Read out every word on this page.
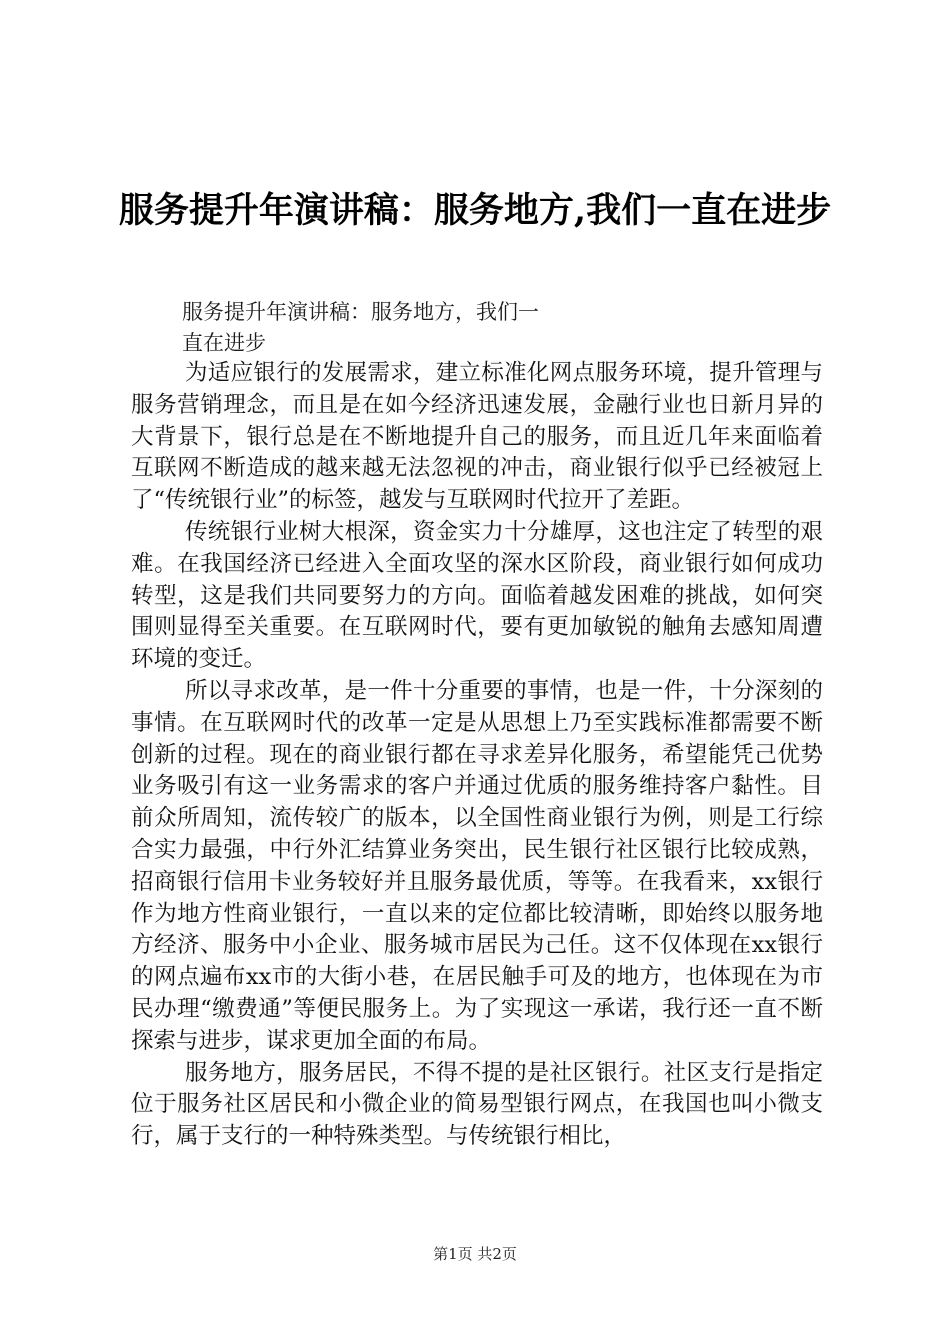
服务提升年演讲稿：服务地方,我们一直在进步
服务提升年演讲稿：服务地方，我们一
直在进步

为适应银行的发展需求，建立标准化网点服务环境，提升管理与服务营销理念，而且是在如今经济迅速发展，金融行业也日新月异的大背景下，银行总是在不断地提升自己的服务，而且近几年来面临着互联网不断造成的越来越无法忽视的冲击，商业银行似乎已经被冠上了“传统银行业”的标签，越发与互联网时代拉开了差距。

传统银行业树大根深，资金实力十分雄厚，这也注定了转型的艰难。在我国经济已经进入全面攻坚的深水区阶段，商业银行如何成功转型，这是我们共同要努力的方向。面临着越发困难的挑战，如何突围则显得至关重要。在互联网时代，要有更加敏锐的触角去感知周遭环境的变迁。

所以寻求改革，是一件十分重要的事情，也是一件，十分深刻的事情。在互联网时代的改革一定是从思想上乃至实践标准都需要不断创新的过程。现在的商业银行都在寻求差异化服务，希望能凭己优势业务吸引有这一业务需求的客户并通过优质的服务维持客户黏性。目前众所周知，流传较广的版本，以全国性商业银行为例，则是工行综合实力最强，中行外汇结算业务突出，民生银行社区银行比较成熟，招商银行信用卡业务较好并且服务最优质，等等。在我看来，xx银行作为地方性商业银行，一直以来的定位都比较清晰，即始终以服务地方经济、服务中小企业、服务城市居民为己任。这不仅体现在xx银行的网点遍布xx市的大街小巷，在居民触手可及的地方，也体现在为市民办理“缴费通”等便民服务上。为了实现这一承诺，我行还一直不断探索与进步，谋求更加全面的布局。

服务地方，服务居民，不得不提的是社区银行。社区支行是指定位于服务社区居民和小微企业的简易型银行网点，在我国也叫小微支行，属于支行的一种特殊类型。与传统银行相比，

第1页 共2页
